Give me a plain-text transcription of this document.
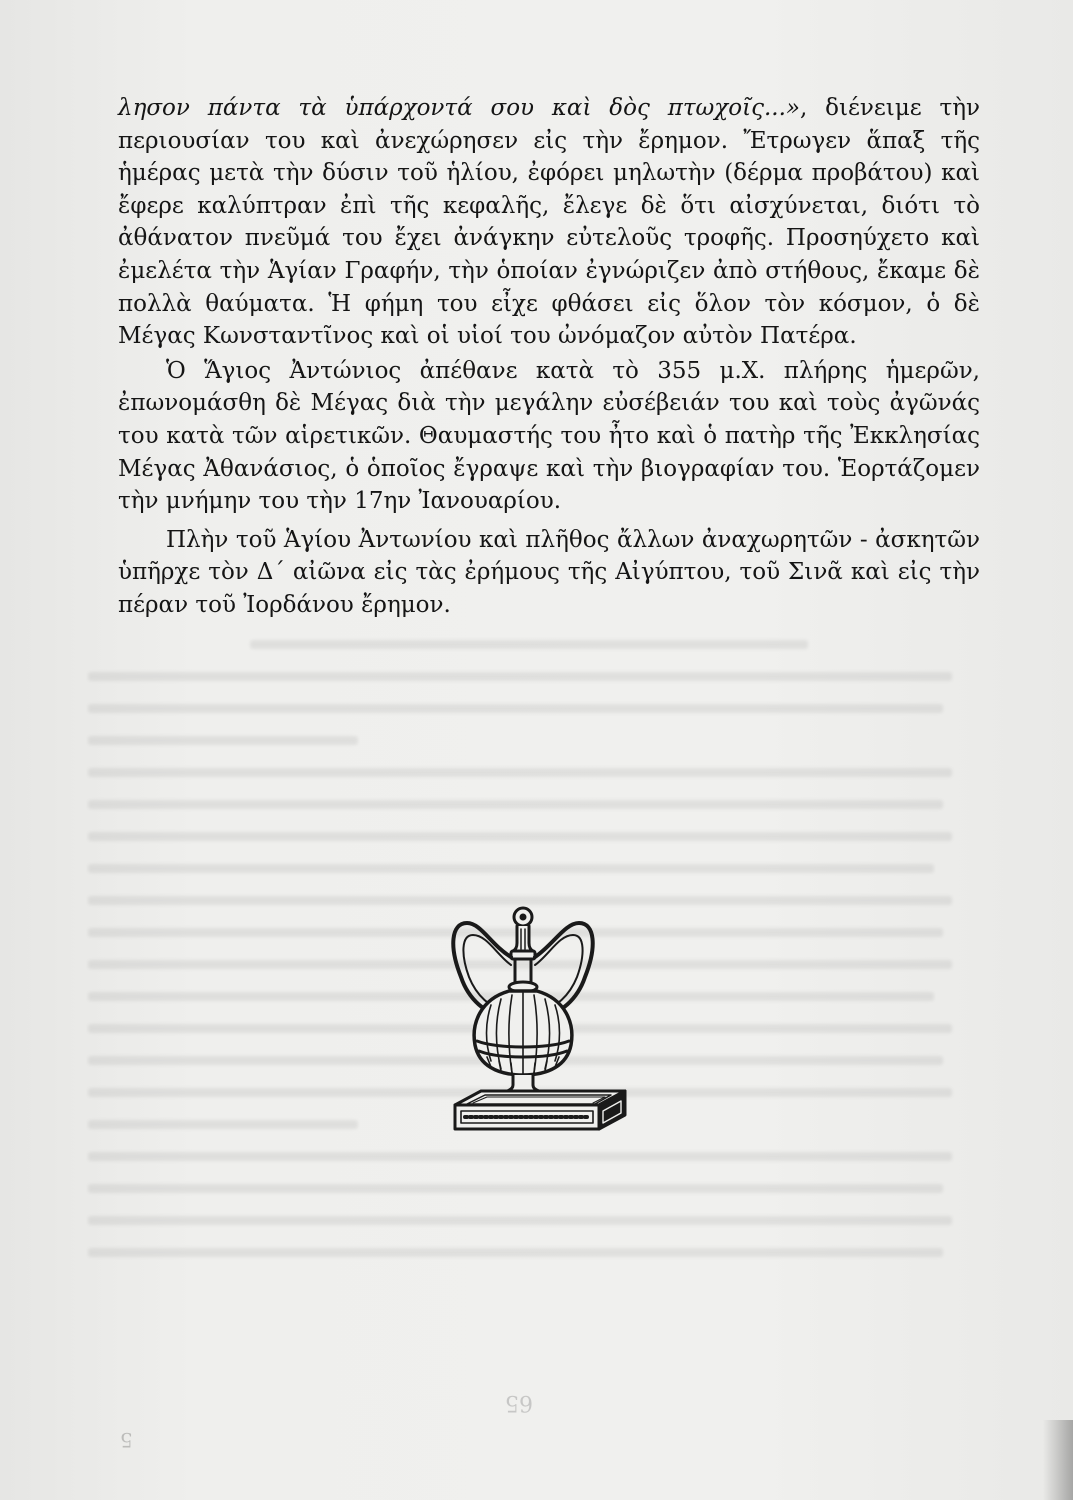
λησον πάντα τὰ ὑπάρχοντά σου καὶ δὸς πτωχοῖς...», διένειμε τὴν περιουσίαν του καὶ ἀνεχώρησεν εἰς τὴν ἔρημον. Ἔτρωγεν ἅπαξ τῆς ἡμέρας μετὰ τὴν δύσιν τοῦ ἡλίου, ἐφόρει μηλωτὴν (δέρμα προβάτου) καὶ ἔφερε καλύπτραν ἐπὶ τῆς κεφαλῆς, ἔλεγε δὲ ὅτι αἰσχύνεται, διότι τὸ ἀθάνατον πνεῦμά του ἔχει ἀνάγκην εὐτελοῦς τροφῆς. Προσηύχετο καὶ ἐμελέτα τὴν Ἁγίαν Γραφήν, τὴν ὁποίαν ἐγνώριζεν ἀπὸ στήθους, ἔκαμε δὲ πολλὰ θαύματα. Ἡ φήμη του εἶχε φθάσει εἰς ὅλον τὸν κόσμον, ὁ δὲ Μέγας Κωνσταντῖνος καὶ οἱ υἱοί του ὠνόμαζον αὐτὸν Πατέρα.

Ὁ Ἅγιος Ἀντώνιος ἀπέθανε κατὰ τὸ 355 μ.Χ. πλήρης ἡμερῶν, ἐπωνομάσθη δὲ Μέγας διὰ τὴν μεγάλην εὐσέβειάν του καὶ τοὺς ἀγῶνάς του κατὰ τῶν αἱρετικῶν. Θαυμαστής του ἦτο καὶ ὁ πατὴρ τῆς Ἐκκλησίας Μέγας Ἀθανάσιος, ὁ ὁποῖος ἔγραψε καὶ τὴν βιογραφίαν του. Ἑορτάζομεν τὴν μνήμην του τὴν 17ην Ἰανουαρίου.

Πλὴν τοῦ Ἁγίου Ἀντωνίου καὶ πλῆθος ἄλλων ἀναχωρητῶν - ἀσκητῶν ὑπῆρχε τὸν Δ΄ αἰῶνα εἰς τὰς ἐρήμους τῆς Αἰγύπτου, τοῦ Σινᾶ καὶ εἰς τὴν πέραν τοῦ Ἰορδάνου ἔρημον.

65
5
